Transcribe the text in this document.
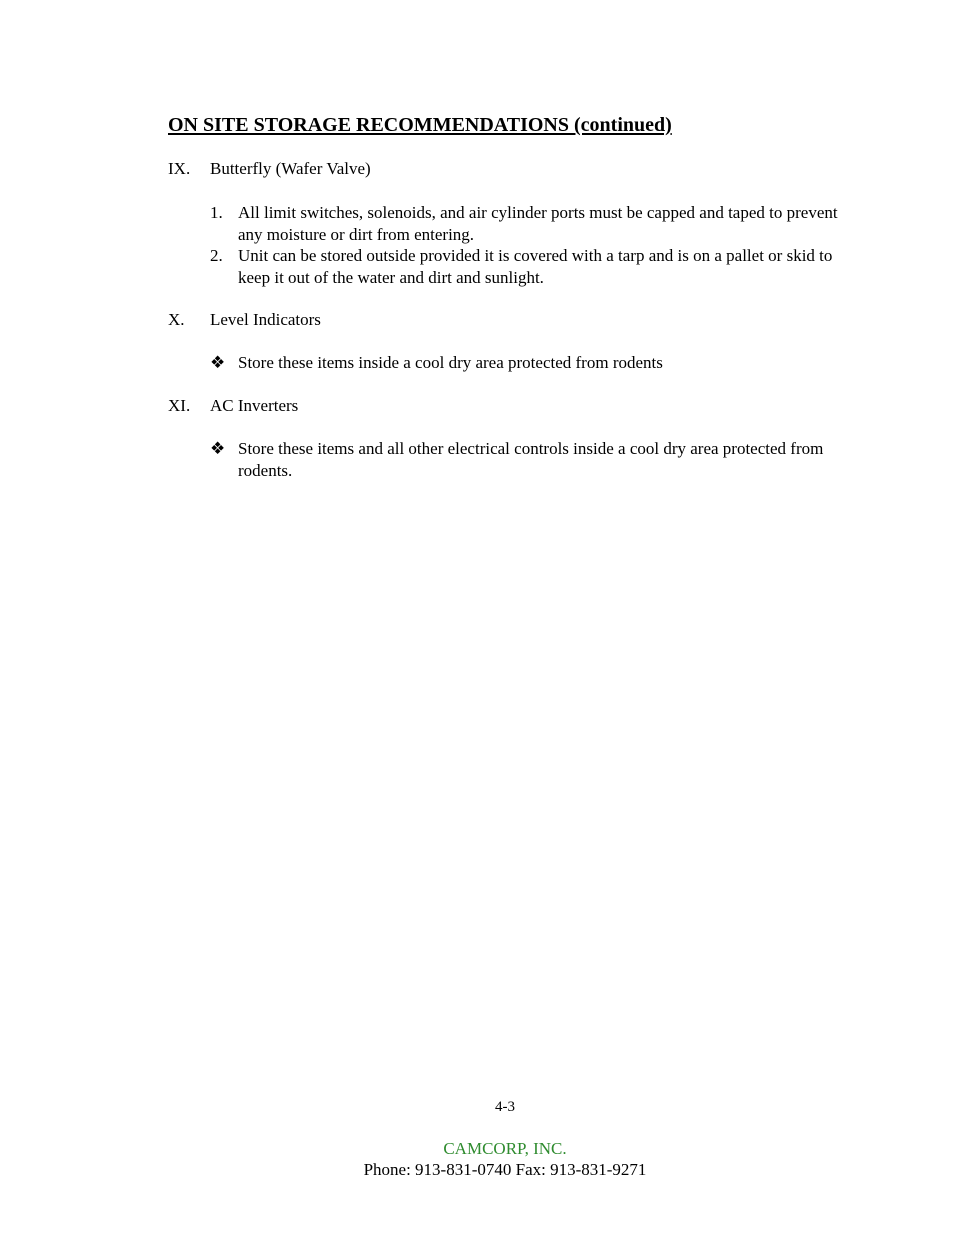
ON SITE STORAGE RECOMMENDATIONS (continued)
IX. Butterfly (Wafer Valve)
1. All limit switches, solenoids, and air cylinder ports must be capped and taped to prevent any moisture or dirt from entering.
2. Unit can be stored outside provided it is covered with a tarp and is on a pallet or skid to keep it out of the water and dirt and sunlight.
X. Level Indicators
❖ Store these items inside a cool dry area protected from rodents
XI. AC Inverters
❖ Store these items and all other electrical controls inside a cool dry area protected from rodents.
4-3
CAMCORP, INC.
Phone: 913-831-0740 Fax: 913-831-9271
